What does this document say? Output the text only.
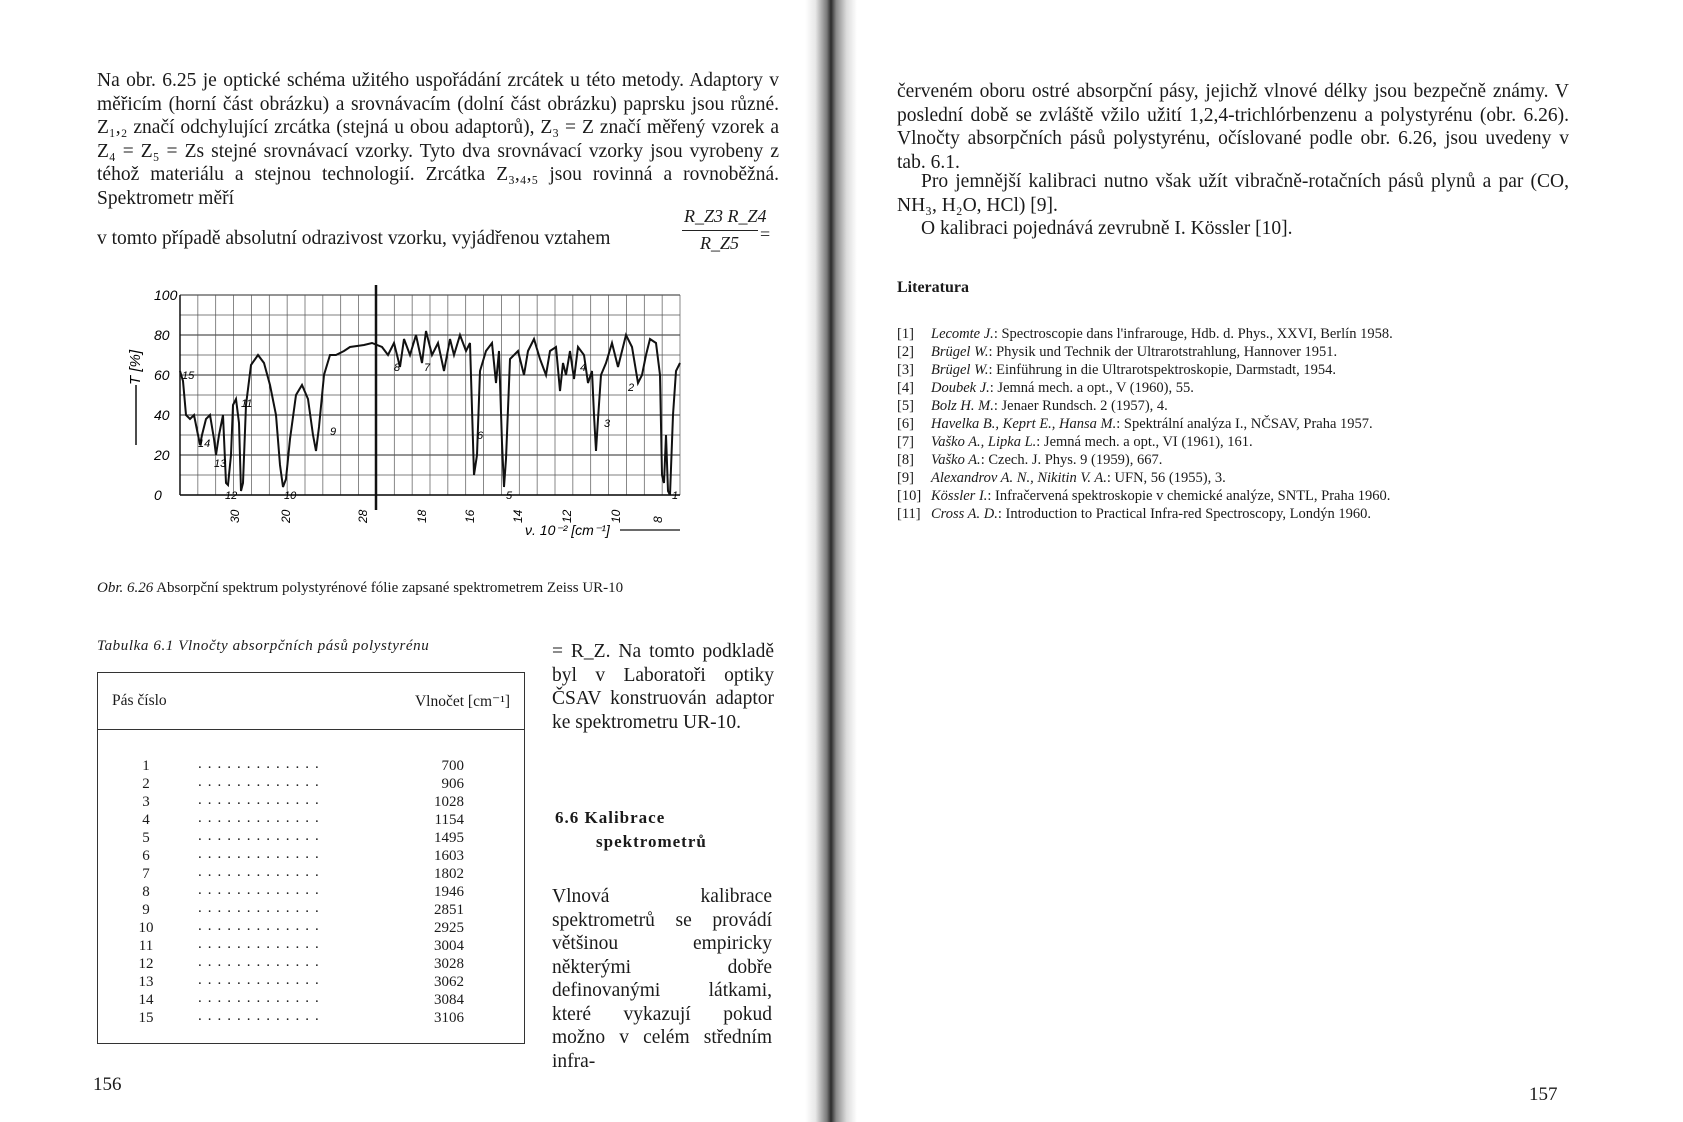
Na obr. 6.25 je optické schéma užitého uspořádání zrcátek u této metody. Adaptory v měřicím (horní část obrázku) a srovnávacím (dolní část obrázku) paprsku jsou různé. Z₁,₂ značí odchylující zrcátka (stejná u obou adaptorů), Z₃ = Z značí měřený vzorek a Z₄ = Z₅ = Zs stejné srovnávací vzorky. Tyto dva srovnávací vzorky jsou vyrobeny z téhož materiálu a stejnou technologií. Zrcátka Z₃,₄,₅ jsou rovinná a rovnoběžná. Spektrometr měří

v tomto případě absolutní odrazivost vzorku, vyjádřenou vztahem

R_Z3 R_Z4
R_Z5 =
100
80
60
40
20
0
T [%]
30	20	28	18	16	14	12	10 8
ν. 10⁻² [cm⁻¹]
15
14
13
12
11
10
9
8 7
6
5
4
3
2
1
Obr. 6.26 Absorpční spektrum polystyrénové fólie zapsané spektrometrem Zeiss UR-10
Tabulka 6.1 Vlnočty absorpčních pásů polystyrénu
Pás číslo	Vlnočet [cm⁻¹]
1	.............	700
2	.............	906
3	.............	1028
4	.............	1154
5	.............	1495
6	.............	1603
7	.............	1802
8	.............	1946
9	.............	2851
10	.............	2925
11	.............	3004
12	.............	3028
13	.............	3062
14	.............	3084
15	.............	3106

= R_Z. Na tomto podkladě byl v Laboratoři optiky ČSAV konstruován adaptor ke spektrometru UR-10.

6.6 Kalibrace
spektrometrů

Vlnová kalibrace spektrometrů se provádí většinou empiricky některými dobře definovanými látkami, které vykazují pokud možno v celém středním infra-

156

červeném oboru ostré absorpční pásy, jejichž vlnové délky jsou bezpečně známy. V poslední době se zvláště vžilo užití 1,2,4-trichlórbenzenu a polystyrénu (obr. 6.26). Vlnočty absorpčních pásů polystyrénu, očíslované podle obr. 6.26, jsou uvedeny v tab. 6.1.

Pro jemnější kalibraci nutno však užít vibračně-rotačních pásů plynů a par (CO, NH₃, H₂O, HCl) [9].

O kalibraci pojednává zevrubně I. Kössler [10].

Literatura
157
[1] Lecomte J.: Spectroscopie dans l'infrarouge, Hdb. d. Phys., XXVI, Berlín 1958.
[2] Brügel W.: Physik und Technik der Ultrarotstrahlung, Hannover 1951.
[3] Brügel W.: Einführung in die Ultrarotspektroskopie, Darmstadt, 1954.
[4] Doubek J.: Jemná mech. a opt., V (1960), 55.
[5] Bolz H. M.: Jenaer Rundsch. 2 (1957), 4.
[6] Havelka B., Keprt E., Hansa M.: Spektrální analýza I., NČSAV, Praha 1957.
[7] Vaško A., Lipka L.: Jemná mech. a opt., VI (1961), 161.
[8] Vaško A.: Czech. J. Phys. 9 (1959), 667.
[9] Alexandrov A. N., Nikitin V. A.: UFN, 56 (1955), 3.
[10] Kössler I.: Infračervená spektroskopie v chemické analýze, SNTL, Praha 1960.
[11] Cross A. D.: Introduction to Practical Infra-red Spectroscopy, Londýn 1960.
